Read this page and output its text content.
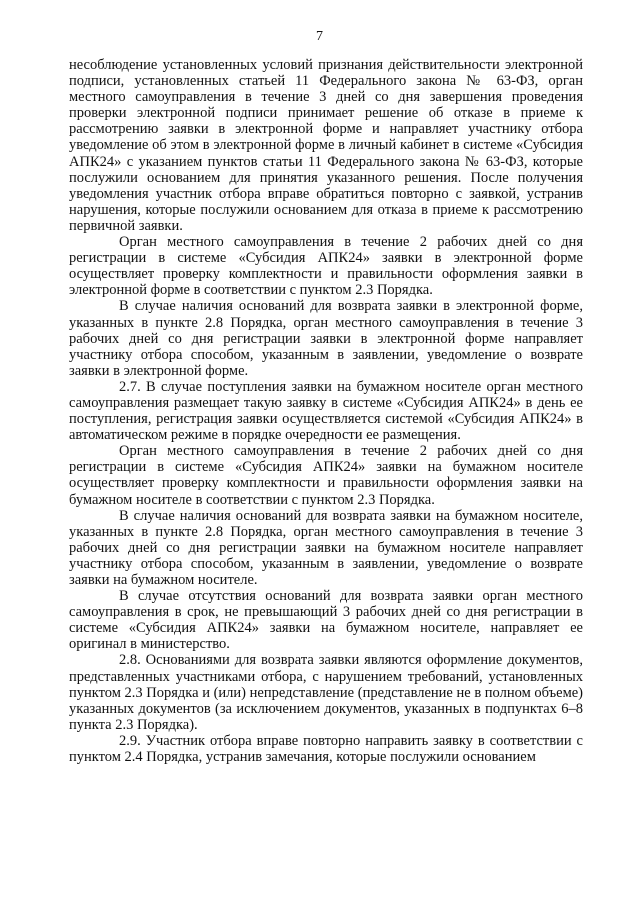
7

несоблюдение установленных условий признания действительности электронной подписи, установленных статьей 11 Федерального закона № 63-ФЗ, орган местного самоуправления в течение 3 дней со дня завершения проведения проверки электронной подписи принимает решение об отказе в приеме к рассмотрению заявки в электронной форме и направляет участнику отбора уведомление об этом в электронной форме в личный кабинет в системе «Субсидия АПК24» с указанием пунктов статьи 11 Федерального закона № 63-ФЗ, которые послужили основанием для принятия указанного решения. После получения уведомления участник отбора вправе обратиться повторно с заявкой, устранив нарушения, которые послужили основанием для отказа в приеме к рассмотрению первичной заявки.

Орган местного самоуправления в течение 2 рабочих дней со дня регистрации в системе «Субсидия АПК24» заявки в электронной форме осуществляет проверку комплектности и правильности оформления заявки в электронной форме в соответствии с пунктом 2.3 Порядка.

В случае наличия оснований для возврата заявки в электронной форме, указанных в пункте 2.8 Порядка, орган местного самоуправления в течение 3 рабочих дней со дня регистрации заявки в электронной форме направляет участнику отбора способом, указанным в заявлении, уведомление о возврате заявки в электронной форме.

2.7. В случае поступления заявки на бумажном носителе орган местного самоуправления размещает такую заявку в системе «Субсидия АПК24» в день ее поступления, регистрация заявки осуществляется системой «Субсидия АПК24» в автоматическом режиме в порядке очередности ее размещения.

Орган местного самоуправления в течение 2 рабочих дней со дня регистрации в системе «Субсидия АПК24» заявки на бумажном носителе осуществляет проверку комплектности и правильности оформления заявки на бумажном носителе в соответствии с пунктом 2.3 Порядка.

В случае наличия оснований для возврата заявки на бумажном носителе, указанных в пункте 2.8 Порядка, орган местного самоуправления в течение 3 рабочих дней со дня регистрации заявки на бумажном носителе направляет участнику отбора способом, указанным в заявлении, уведомление о возврате заявки на бумажном носителе.

В случае отсутствия оснований для возврата заявки орган местного самоуправления в срок, не превышающий 3 рабочих дней со дня регистрации в системе «Субсидия АПК24» заявки на бумажном носителе, направляет ее оригинал в министерство.

2.8. Основаниями для возврата заявки являются оформление документов, представленных участниками отбора, с нарушением требований, установленных пунктом 2.3 Порядка и (или) непредставление (представление не в полном объеме) указанных документов (за исключением документов, указанных в подпунктах 6–8 пункта 2.3 Порядка).

2.9. Участник отбора вправе повторно направить заявку в соответствии с пунктом 2.4 Порядка, устранив замечания, которые послужили основанием
